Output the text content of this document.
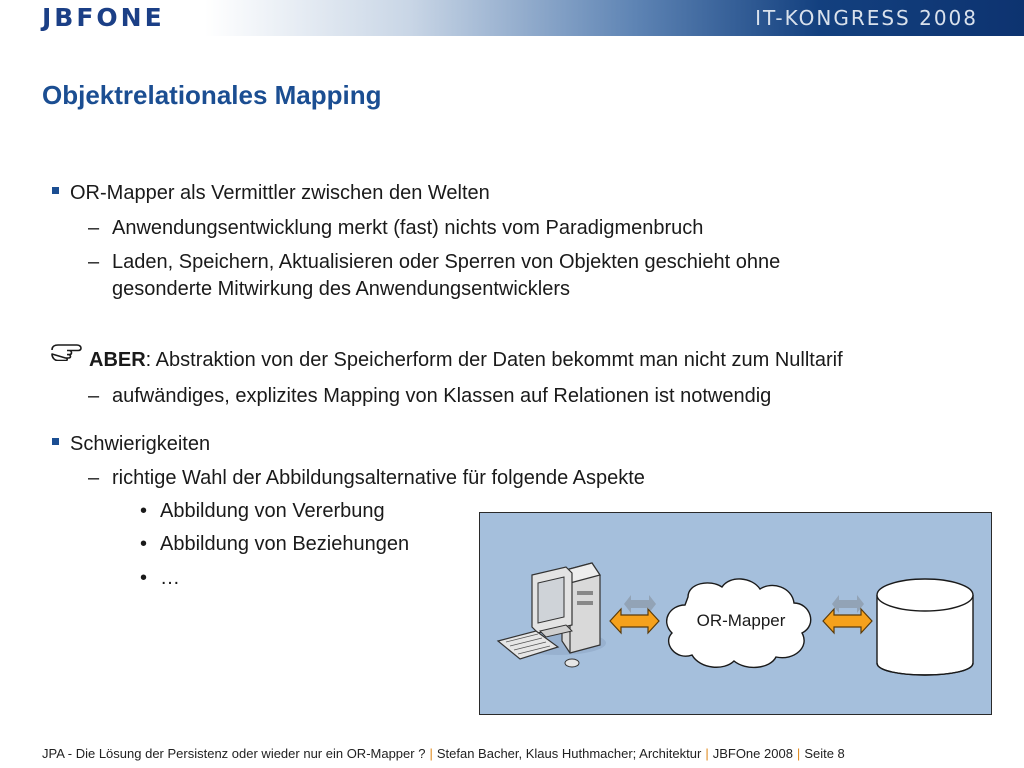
JBFONE	IT-KONGRESS 2008
Objektrelationales Mapping
OR-Mapper als Vermittler zwischen den Welten
– Anwendungsentwicklung merkt (fast) nichts vom Paradigmenbruch
– Laden, Speichern, Aktualisieren oder Sperren von Objekten geschieht ohne
gesonderte Mitwirkung des Anwendungsentwicklers
ABER: Abstraktion von der Speicherform der Daten bekommt man nicht zum Nulltarif
– aufwändiges, explizites Mapping von Klassen auf Relationen ist notwendig
Schwierigkeiten
– richtige Wahl der Abbildungsalternative für folgende Aspekte
• Abbildung von Vererbung
• Abbildung von Beziehungen
• …
OR-Mapper
JPA - Die Lösung der Persistenz oder wieder nur ein OR-Mapper ? | Stefan Bacher, Klaus Huthmacher; Architektur | JBFOne 2008 | Seite 8
